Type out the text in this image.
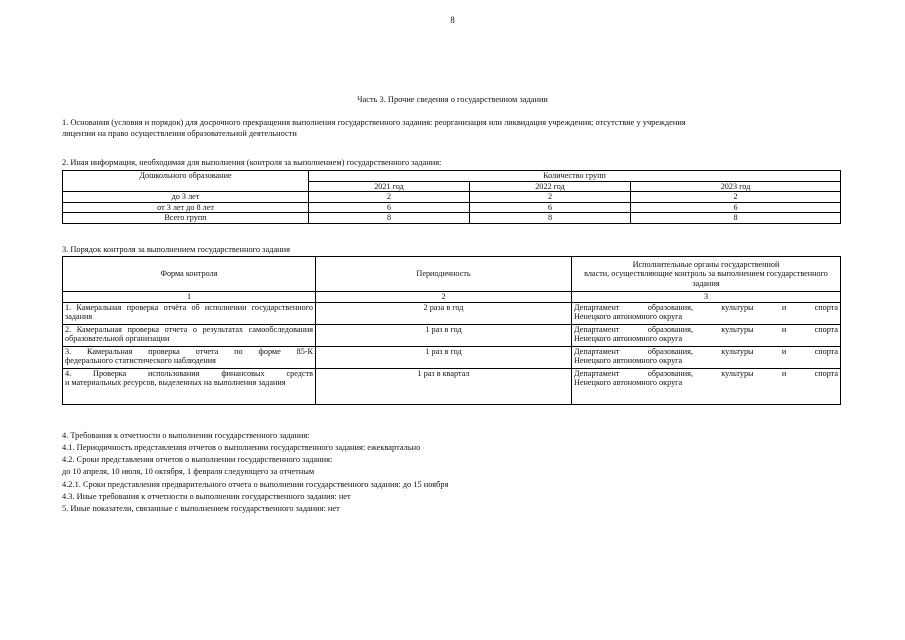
8
Часть 3. Прочие сведения о государственном задании
1. Основания (условия и порядок) для досрочного прекращения выполнения государственного задания: реорганизация или ликвидация учреждения; отсутствие у учреждения
лицензии на право осуществления образовательной деятельности
2. Иная информация, необходимая для выполнения (контроля за выполнением) государственного задания:
Дошкольного образование	Количество групп		
	2021 год	2022 год	2023 год
до 3 лет	2	2	2
от 3 лет до 8 лет	6	6	6
Всего групп	8	8	8
3. Порядок контроля за выполнением государственного задания
Форма контроля	Периодичность	Исполнительные органы государственной
власти, осуществляющие контроль за выполнением государственного
задания

1	2	3

1. Камеральная проверка отчёта об исполнении государственного
задания	2 раза в год	Департамент образования, культуры и спорта
Ненецкого автономного округа

2. Камеральная проверка отчета о результатах самообследования
образовательной организации	1 раз в год	Департамент образования, культуры и спорта
Ненецкого автономного округа

3. Камеральная проверка отчета по форме 85-К
федерального статистического наблюдения	1 раз в год	Департамент образования, культуры и спорта
Ненецкого автономного округа

4. Проверка использования финансовых средств
и материальных ресурсов, выделенных на выполнения задания	1 раз в квартал	Департамент образования, культуры и спорта
Ненецкого автономного округа
4. Требования к отчетности о выполнении государственного задания:
4.1. Периодичность представления отчетов о выполнении государственного задания: ежеквартально
4.2. Сроки представления отчетов о выполнении государственного задания:
до 10 апреля, 10 июля, 10 октября, 1 февраля следующего за отчетным
4.2.1. Сроки представления предварительного отчета о выполнении государственного задания: до 15 ноября
4.3. Иные требования к отчетности о выполнении государственного задания: нет
5. Иные показатели, связанные с выполнением государственного задания: нет
